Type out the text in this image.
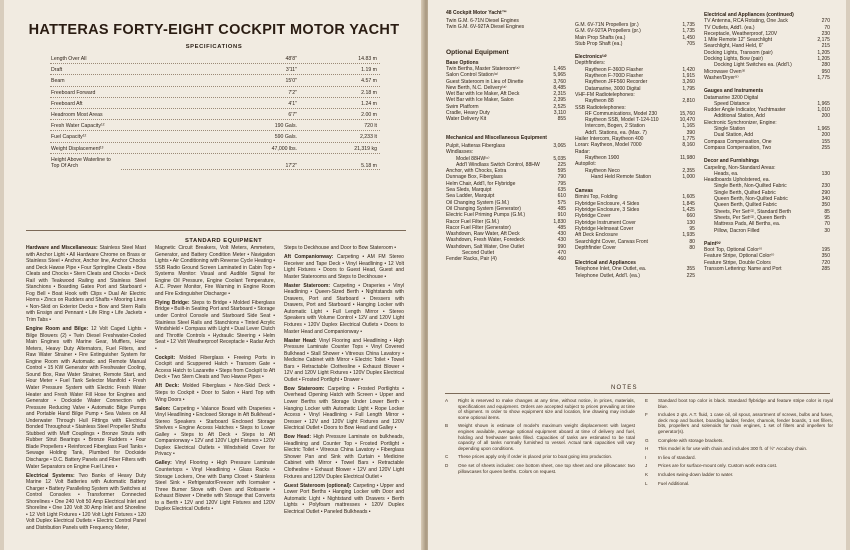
HATTERAS FORTY-EIGHT COCKPIT MOTOR YACHT
SPECIFICATIONS
Length Over All	48'8"	14.83 m
Draft	3'11"	1.19 m
Beam	15'0"	4.57 m
Freeboard Forward	7'2"	2.18 m
Freeboard Aft	4'1"	1.24 m
Headroom Most Areas	6'7"	2.00 m
Fresh Water Capacity¹²	190 Gals.	720 lt
Fuel Capacity¹²	590 Gals.	2,233 lt
Weight Displacement¹³	47,000 lbs.	21,319 kg
Height Above Waterline to Top Of Arch	17'2"	5.18 m
STANDARD EQUIPMENT

Hardware and Miscellaneous: Stainless Steel Mast with Anchor Light • All Hardware Chrome on Brass or Stainless Steel • Anchor, Anchor line, Anchor Chocks and Deck Hawse Pipe • Four Springline Cleats • Bow Cleats and Chocks • Stern Cleats and Chocks • Deck Rail with Teakwood Railing and Stainless Steel Stanchions • Boarding Gates Port and Starboard • Fog Bell • Boat Hook with Clips • Dual Air Electric Horns • Zincs on Rudders and Shafts • Mooring Lines • Non-Skid on Exterior Decks • Bow and Stern Rails with Ensign and Pennant • Life Ring • Life Jackets • Trim Tabs •

Engine Room and Bilge: 12 Volt Caged Lights • Bilge Blowers (2) • Twin Diesel Freshwater-Cooled Main Engines with Marine Gear, Mufflers, Hour Meters, Heavy Duty Alternators, Fuel Filters, and Raw Water Strainer • Fire Extinguisher System for Engine Room with Automatic and Remote Manual Control • 15 KW Generator with Freshwater Cooling, Sound Box, Raw Water Strainer, Remote Start, and Hour Meter • Fuel Tank Selector Manifold • Fresh Water Pressure System with Electric Fresh Water Heater and Fresh Water Fill Hose for Engines and Generator • Dockside Water Connection with Pressure Reducing Valve • Automatic Bilge Pumps and Portable Hand Bilge Pump • Sea Valves on All Underwater Through Hull Fittings with Electrical Bonded Throughout • Stainless Steel Propeller Shafts Stubbed with Muff Couplings • Bronze Struts with Rubber Strut Bearings • Bronze Rudders • Four Blade Propellers • Reinforced Fiberglass Fuel Tanks • Sewage Holding Tank, Plumbed for Dockside Discharge • D.C. Battery Panels and Fiber Filters with Water Separators on Engine Fuel Lines •

Electrical Systems: Two Banks of Heavy Duty Marine 12 Volt Batteries with Automatic Battery Charger • Battery Paralleling System with Switches at Control Consoles • Transformer Connected Shorelines • One 240 Volt 50 Amp Electrical Inlet and Shoreline • One 120 Volt 30 Amp Inlet and Shoreline • 12 Volt Light Fixtures • 120 Volt Light Fixtures • 120 Volt Duplex Electrical Outlets • Electric Control Panel and Distribution Panels with Frequency Meter,

Magnetic Circuit Breakers, Volt Meters, Ammeters, Generator, and Battery Condition Meter • Navigation Lights • Air Conditioning with Reverse Cycle Heating • SSB Radio Ground Screen Laminated in Cabin Top • Systems Monitor: Visual and Audible Signal for Engine Oil Pressure, Engine Coolant Temperature, A.C. Power Monitor, Fire Warning in Engine Room and Fire Extinguisher Discharge •

Flying Bridge: Steps to Bridge • Molded Fiberglass Bridge • Built-in Seating Port and Starboard • Storage under Control Console and Starboard Side Seat • Stainless Steel Rails and Stanchions • Tinted Acrylic Windshield • Compass with Light • Dual Lever Clutch and Throttle Controls • Hydraulic Steering • Helm Seat • 12 Volt Weatherproof Receptacle • Radar Arch •

Cockpit: Molded Fiberglass • Freeing Ports in Cockpit and Scuppered Hatch • Transom Gate • Access Hatch to Lazarette • Steps from Cockpit to Aft Deck • Two Stern Cleats and Two Hawse Pipes •

Aft Deck: Molded Fiberglass • Non-Skid Deck • Steps to Cockpit • Door to Salon • Hard Top with Wing Doors •

Salon: Carpeting • Valance Board with Draperies • Vinyl Headlining • Enclosed Storage in Aft Bulkhead • Stereo Speakers • Starboard Enclosed Storage Shelves • Engine Access Hatches • Steps to Lower Galley • Steps to Aft Deck • Steps to Aft Companionway • 12V and 120V Light Fixtures • 120V Duplex Electrical Outlets • Windshield Cover for Privacy •

Galley: Vinyl Flooring • High Pressure Laminate Countertops • Vinyl Headlining • Glass Racks • Storage Lockers, One with Damp Closet • Stainless Steel Sink • Refrigerator/Freezer with Icemaker • Three Burner Stove with Oven and Rotisserie • Exhaust Blower • Dinette with Storage that Converts to a Berth • 12V and 120V Light Fixtures and 120V Duplex Electrical Outlets •

Steps to Deckhouse and Door to Bow Stateroom •

Aft Companionway: Carpeting • AM FM Stereo Receiver and Tape Deck • Vinyl Headlining • 12 Volt Light Fixtures • Doors to Guest Head, Guest and Master Staterooms and Steps to Deckhouse •

Master Stateroom: Carpeting • Draperies • Vinyl Headlining • Queen-Sized Berth • Nightstands with Drawers, Port and Starboard • Dressers with Drawers, Port and Starboard • Hanging Locker with Automatic Light • Full Length Mirror • Stereo Speakers with Volume Control • 12V and 120V Light Fixtures • 120V Duplex Electrical Outlets • Doors to Master Head and Companionway •

Master Head: Vinyl Flooring and Headlining • High Pressure Laminate Counter Tops • Vinyl Covered Bulkhead • Stall Shower • Vitreous China Lavatory • Medicine Cabinet with Mirror • Electric Toilet • Towel Bars • Retractable Clothesline • Exhaust Blower • 12V and 120V Light Fixtures • 120V Duplex Electrical Outlet • Frosted Portlight • Drawer •

Bow Stateroom: Carpeting • Frosted Portlights • Overhead Opening Hatch with Screen • Upper and Lower Berths with Storage Under Lower Berth • Hanging Locker with Automatic Light • Rope Locker Access • Vinyl Headlining • Full Length Mirror • Dresser • 12V and 120V Light Fixtures and 120V Electrical Outlet • Doors to Bow Head and Galley •

Bow Head: High Pressure Laminate on bulkheads, Headlining and Counter Top • Frosted Portlight • Electric Toilet • Vitreous China Lavatory • Fiberglass Shower Pan and Sink with Curtain • Medicine Cabinet with Mirror • Towel Bars • Retractable Clothesline • Exhaust Blower • 12V and 120V Light Fixtures and 120V Duplex Electrical Outlet •

Guest Stateroom (optional): Carpeting • Upper and Lower Port Berths • Hanging Locker with Door and Automatic Light • Nightstand with Drawers • Berth Lights • Polyfoam mattresses • 120V Duplex Electrical Outlet • Paneled Bulkheads •

48 Cockpit Motor Yacht™
Twin G.M. 6-71N Diesel Engines
Twin G.M. 6V-92TA Diesel Engines
Optional Equipment
Base Options
Twin Berths, Master Stateroom⁽ᵃ⁾	1,465
Salon Control Station⁽ᵃ⁾	5,965
Guest Stateroom in Lieu of Dinette	3,760
New Berth, N.C. Delivery⁽ᵃ⁾	8,485
Wet Bar with Ice Maker, Aft Deck	2,315
Wet Bar with Ice Maker, Salon	2,395
Swim Platform	2,525
Cradle, Heavy Duty	3,110
Water Delivery Kit	855
Mechanical and Miscellaneous Equipment
Pulpit, Hatteras Fiberglass	3,065
Windlasses:
Model 88HW⁽ᶜ⁾	5,035
Add'l Windlass Switch Control, 88HW	225
Anchor, with Chocks, Extra	595
Dunnage Box, Fiberglass	790
Helm Chair, Add'l, for Flybridge	795
Sea Sleds, Marquipt	635
Sea Ladder, Marquipt	610
Oil Changing System (G.M.)	575
Oil Changing System (Generator)	485
Electric Fuel Priming Pumps (G.M.)	910
Racor Fuel Filter (G.M.)	1,830
Racor Fuel Filter (Generator)	485
Washdown, Raw Water, Aft Deck	430
Washdown, Fresh Water, Foredeck	430
Washdown, Salt Water, One Outlet	990
Second Outlet	470
Fender Racks, Pair (4)	460
G.M. 6V-71N Propellers (pr.)	1,735
G.M. 6V-92TA Propellers (pr.)	1,735
Main Prop Shafts (ea.)	1,450
Stub Prop Shaft (ea.)	705
Electronics⁽ᵈ⁾
Depthfinders:
Raytheon F-360D Flasher	1,420
Raytheon F-700D Flasher	1,915
Raytheon JFF560 Recorder	3,260
Datamarine, 3000 Digital	1,795
VHF-FM Radiotelephones:
Raytheon 88	2,810
SSB Radiotelephones:
RF Communications, Model 230	15,760
Raytheon SSB, Model T-124-110	10,470
Intercom, Bogen, 2 Station	1,165
Add'l. Stations, ea. (Max. 7)	390
Hailer Intercom, Raytheon 400	1,775
Loran: Raytheon, Model 7000	8,160
Radar:
Raytheon 1900	11,980
Autopilot:
Raytheon Neco	2,355
Hand Held Remote Station	1,000
Canvas
Bimini Top, Folding	1,605
Flybridge Enclosure, 4 Sides	1,845
Flybridge Enclosure, 3 Sides	1,425
Flybridge Cover	660
Flybridge Instrument Cover	130
Flybridge Helmseat Cover	95
Aft Deck Enclosure	1,935
Searchlight Cover, Canvas Front	80
Depthfinder Cover	80
Electrical and Appliances
Telephone Inlet, One Outlet, ea.	355
Telephone Outlet, Add'l. (ea.)	225
Electrical and Appliances (continued)
TV Antenna, RCA Rotating, One Jack	270
TV Outlets, Add'l. (ea.)	70
Receptacle, Weatherproof, 120V	230
1 Mile Remote 12" Searchlight	2,175
Searchlight, Hand Held, 6"	215
Docking Lights, Transom (pair)	1,205
Docking Lights, Bow (pair)	1,205
Docking Light Switches ea. (Add'l.)	280
Microwave Oven⁽ᶠ⁾	950
Washer/Dryer⁽ᶠ⁾	1,775
Gauges and Instruments
Datamarine 3200 Digital
Speed Distance	1,965
Rudder Angle Indicator, Yachtmaster	1,010
Additional Station, Add	200
Electronic Synchronizer, Engine:
Single Station	1,965
Dual Station, Add	200
Compass Compensation, One	155
Compass Compensation, Two	255
Decor and Furnishings
Carpeling, Non-Standard Areas:
Heads, ea.	130
Headboards Upholstered, ea.
Single Berth, Non-Quilted Fabric	230
Single Berth, Quilted Fabric	290
Queen Berth, Non-Quilted Fabric	340
Queen Berth, Quilted Fabric	350
Sheets, Per Set⁽ᴳ⁾, Standard Berth	85
Sheets, Per Set⁽ᴳ⁾, Queen Berth	95
Mattress Pads, All Berths, ea.	70
Pillow, Dacron Filled	30
Paint⁽ʰ⁾
Boot Top, Optional Color⁽ⁱ⁾	195
Feature Stripe, Optional Color⁽ⁱ⁾	350
Feature Stripe, Double Colors	720
Transom Lettering: Name and Port	285
NOTES
A	Right is reserved to make changes at any time, without notice, in prices, materials, specifications and equipment. Orders are accepted subject to prices prevailing at time of shipment. In order to show equipment size and location, line drawing may include some optional items.
B	Weight shown is estimate of model's maximum weight displacement with largest engines available, average optional equipment aboard at time of delivery and fuel, holding and freshwater tanks filled. Capacities of tanks are estimated to be total capacity of all tanks normally furnished to vessel. Actual tank capacities will vary depending upon conditions.
C	These prices apply only if order is placed prior to boat going into production.
D	One set of sheets includes: one bottom sheet, one top sheet and one pillowcase: two pillowcases for queen berths. Colors on request.
E	Standard boot top color is black. Standard flybridge and feature stripe color is royal blue.
F	Includes 2 qts. A.T. fluid, 1 case oil, oil spout, assortment of screws, bulbs and fuses, deck mop and bucket, boarding ladder, fender, chamois, fender boards, 1 set fillers, bits, propellers and solenoids for main engines, 1 set of filters and impellers for generator(s).
G	Complete with storage brackets.
H	This model is for use with chain and includes 300 ft. of ½" Accuboy chain.
I	In lieu of standard.
J	Prices are for surface-mount only. Custom work extra cost.
K	Includes swing-down ladder to water.
L	Fuel Additional.
